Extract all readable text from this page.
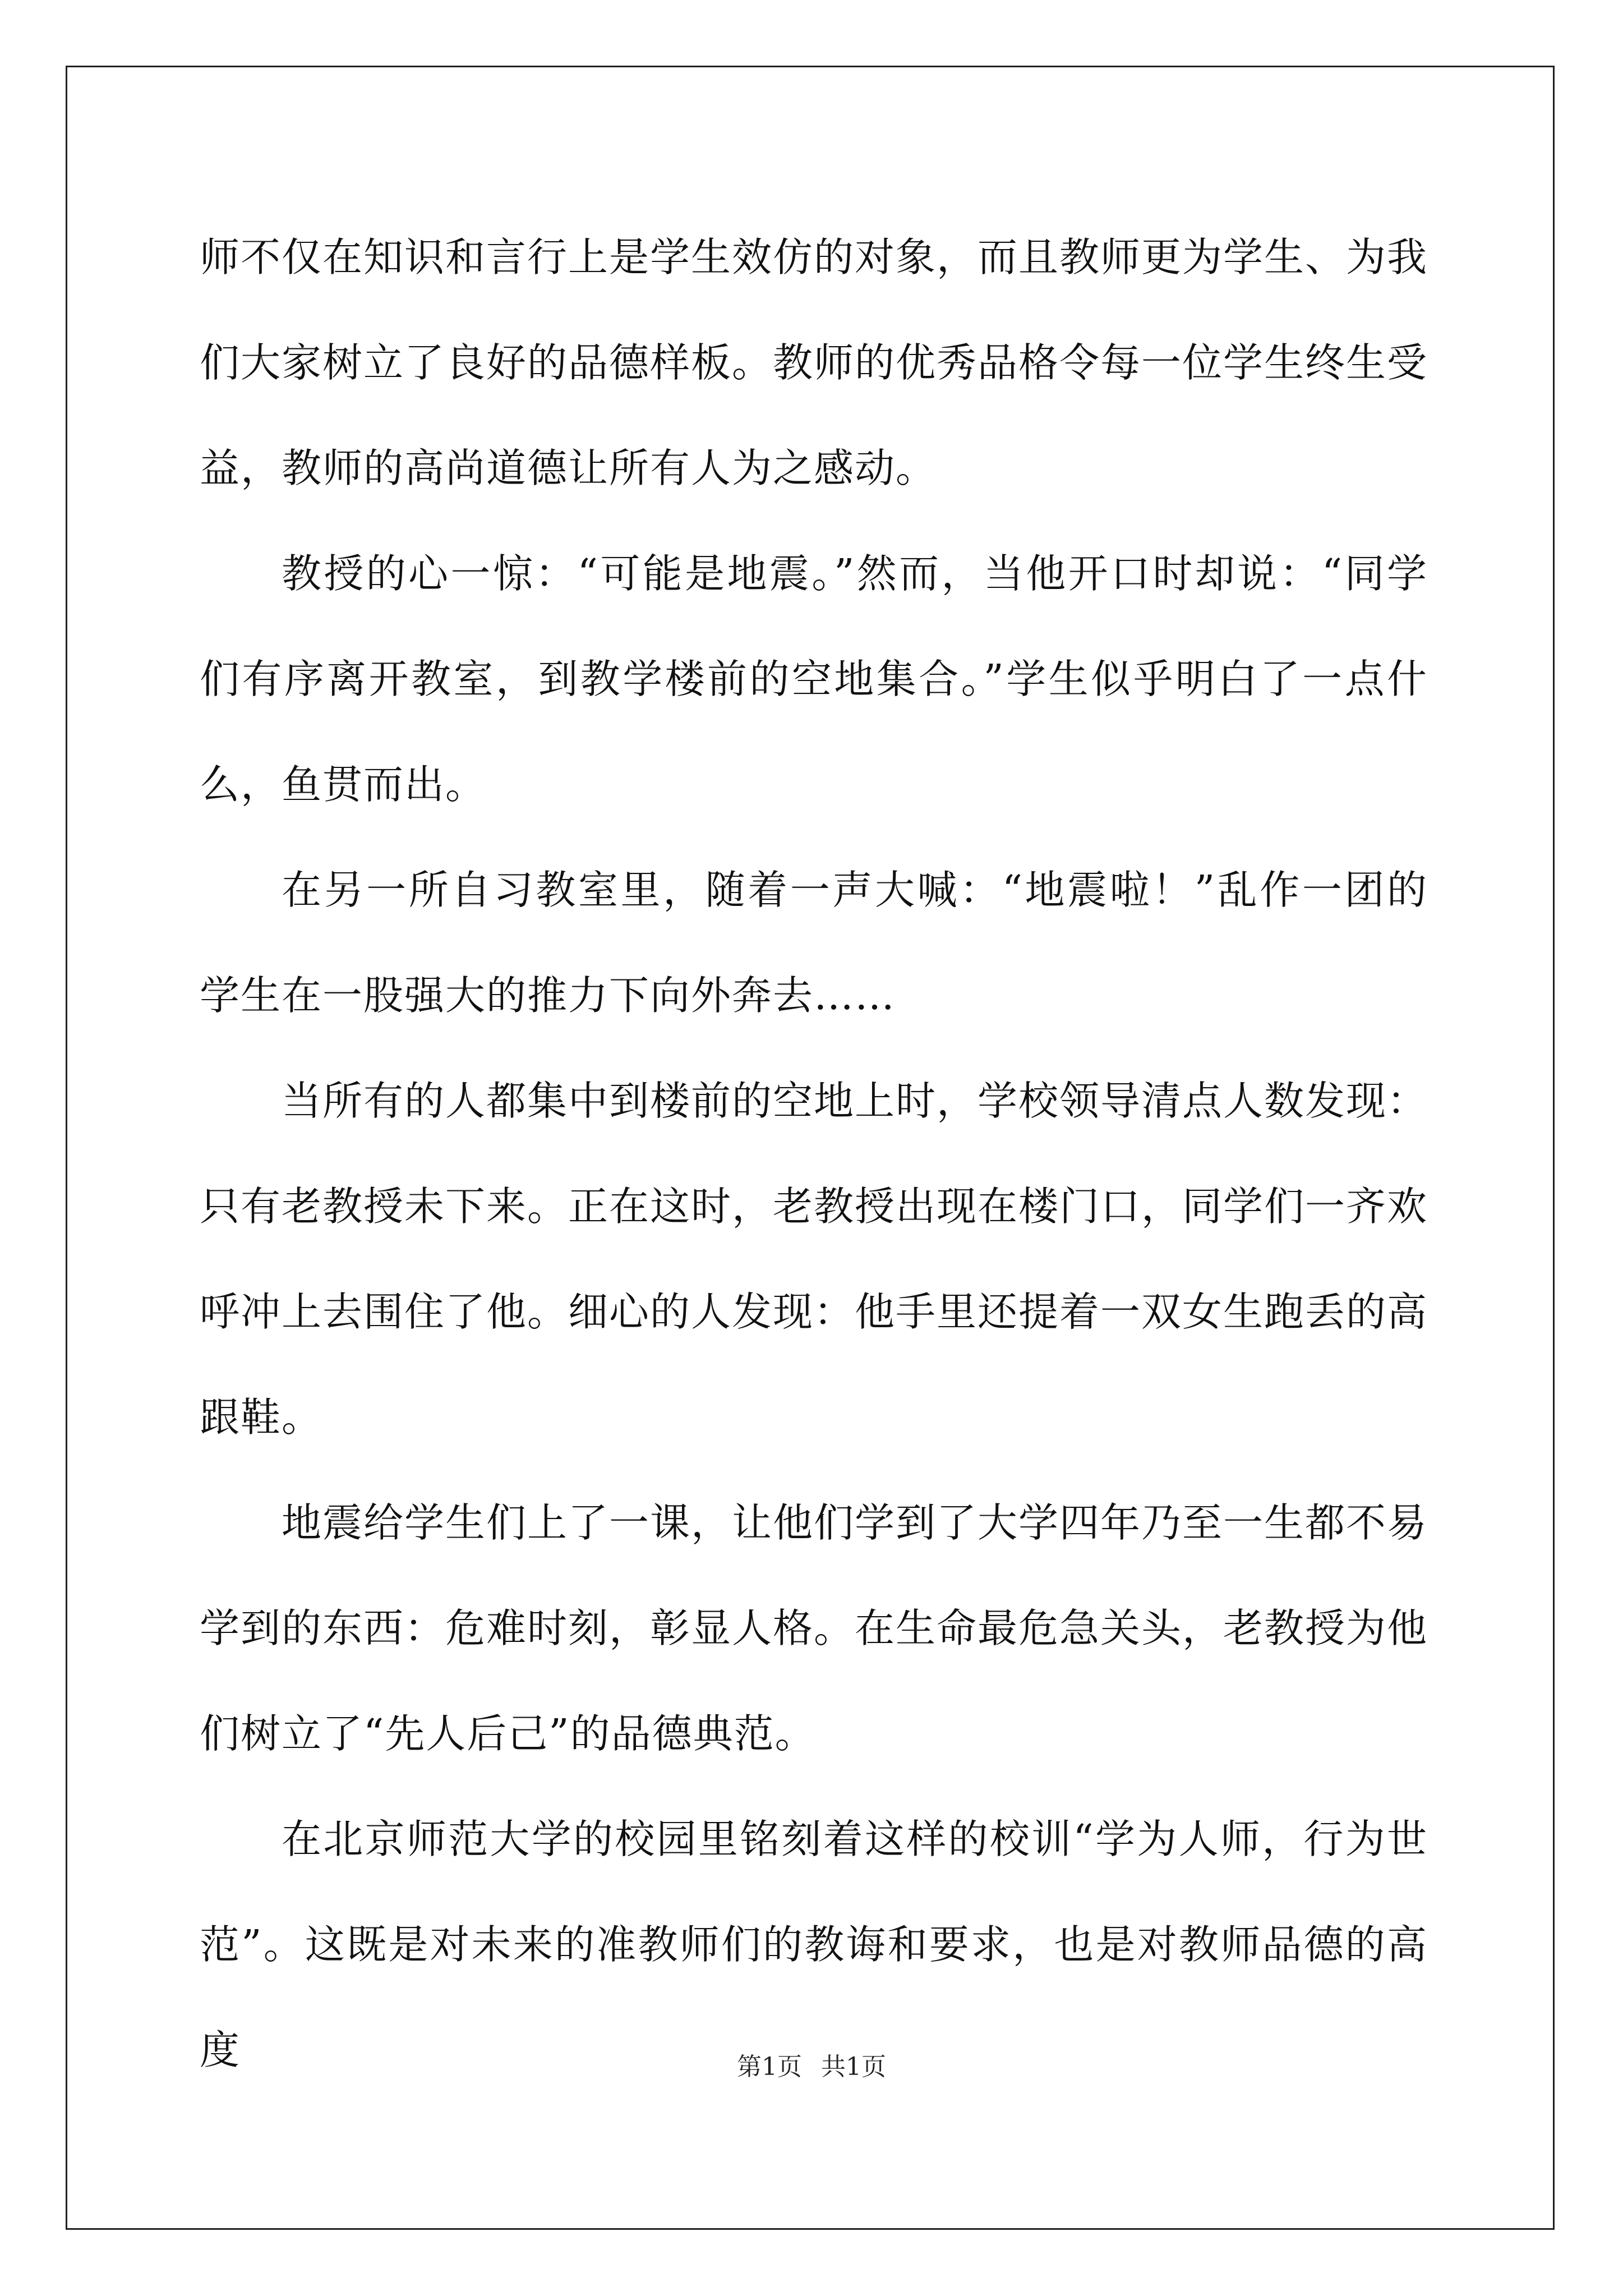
师不仅在知识和言行上是学生效仿的对象，而且教师更为学生、为我们大家树立了良好的品德样板。教师的优秀品格令每一位学生终生受益，教师的高尚道德让所有人为之感动。

教授的心一惊：“可能是地震。”然而，当他开口时却说：“同学们有序离开教室，到教学楼前的空地集合。”学生似乎明白了一点什么，鱼贯而出。

在另一所自习教室里，随着一声大喊：“地震啦！”乱作一团的学生在一股强大的推力下向外奔去……

当所有的人都集中到楼前的空地上时，学校领导清点人数发现：只有老教授未下来。正在这时，老教授出现在楼门口，同学们一齐欢呼冲上去围住了他。细心的人发现：他手里还提着一双女生跑丢的高跟鞋。

地震给学生们上了一课，让他们学到了大学四年乃至一生都不易学到的东西：危难时刻，彰显人格。在生命最危急关头，老教授为他们树立了“先人后己”的品德典范。

在北京师范大学的校园里铭刻着这样的校训“学为人师，行为世范”。这既是对未来的准教师们的教诲和要求，也是对教师品德的高度	第1页 共1页
